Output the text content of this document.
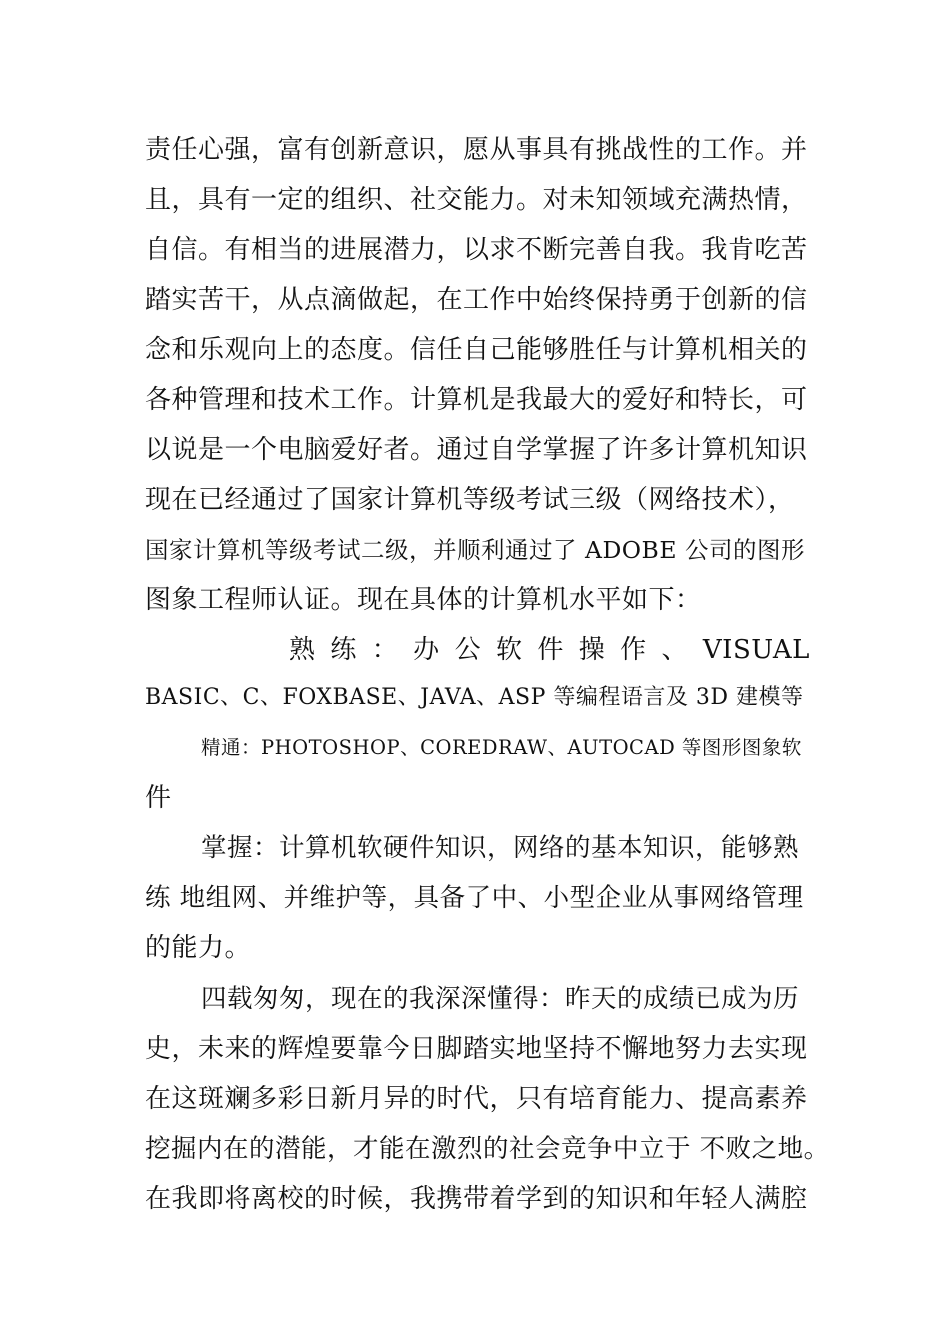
责任心强，富有创新意识，愿从事具有挑战性的工作。并
且，具有一定的组织、社交能力。对未知领域充满热情，
自信。有相当的进展潜力，以求不断完善自我。我肯吃苦
踏实苦干，从点滴做起，在工作中始终保持勇于创新的信
念和乐观向上的态度。信任自己能够胜任与计算机相关的
各种管理和技术工作。计算机是我最大的爱好和特长，可
以说是一个电脑爱好者。通过自学掌握了许多计算机知识
现在已经通过了国家计算机等级考试三级（网络技术），
国家计算机等级考试二级，并顺利通过了 ADOBE 公司的图形
图象工程师认证。现在具体的计算机水平如下：
熟 练 ： 办 公 软 件 操 作 、 VISUAL
BASIC、C、FOXBASE、JAVA、ASP 等编程语言及 3D 建模等
精通：PHOTOSHOP、COREDRAW、AUTOCAD 等图形图象软
件
掌握：计算机软硬件知识，网络的基本知识，能够熟
练 地组网、并维护等，具备了中、小型企业从事网络管理
的能力。
四载匆匆，现在的我深深懂得：昨天的成绩已成为历
史，未来的辉煌要靠今日脚踏实地坚持不懈地努力去实现
在这斑斓多彩日新月异的时代，只有培育能力、提高素养
挖掘内在的潜能，才能在激烈的社会竞争中立于 不败之地。
在我即将离校的时候，我携带着学到的知识和年轻人满腔
